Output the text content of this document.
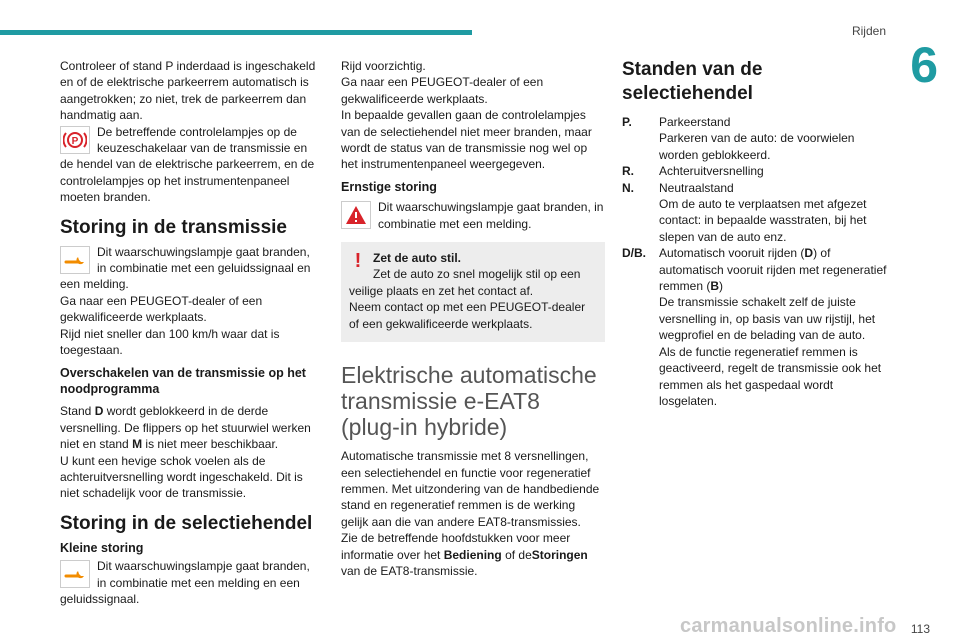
Rijden
6

Controleer of stand P inderdaad is ingeschakeld en of de elektrische parkeerrem automatisch is aangetrokken; zo niet, trek de parkeerrem dan handmatig aan.

P

De betreffende controlelampjes op de keuzeschakelaar van de transmissie en de hendel van de elektrische parkeerrem, en de controlelampjes op het instrumentenpaneel moeten branden.

Storing in de transmissie

Dit waarschuwingslampje gaat branden, in combinatie met een geluidssignaal en een melding.

Ga naar een PEUGEOT-dealer of een gekwalificeerde werkplaats.

Rijd niet sneller dan 100 km/h waar dat is toegestaan.

Overschakelen van de transmissie op het noodprogramma

Stand D wordt geblokkeerd in de derde versnelling. De flippers op het stuurwiel werken niet en stand M is niet meer beschikbaar.

U kunt een hevige schok voelen als de achteruitversnelling wordt ingeschakeld. Dit is niet schadelijk voor de transmissie.

Storing in de selectiehendel
Kleine storing

Dit waarschuwingslampje gaat branden, in combinatie met een melding en een geluidssignaal.

Rijd voorzichtig.

Ga naar een PEUGEOT-dealer of een gekwalificeerde werkplaats.

In bepaalde gevallen gaan de controlelampjes van de selectiehendel niet meer branden, maar wordt de status van de transmissie nog wel op het instrumentenpaneel weergegeven.

Ernstige storing

Dit waarschuwingslampje gaat branden, in combinatie met een melding.

! Zet de auto stil.

Zet de auto zo snel mogelijk stil op een veilige plaats en zet het contact af.

Neem contact op met een PEUGEOT-dealer of een gekwalificeerde werkplaats.

Elektrische automatische transmissie e-EAT8 (plug-in hybride)

Automatische transmissie met 8 versnellingen, een selectiehendel en functie voor regeneratief remmen. Met uitzondering van de handbediende stand en regeneratief remmen is de werking gelijk aan die van andere EAT8-transmissies.

Zie de betreffende hoofdstukken voor meer informatie over het Bediening of deStoringen van de EAT8-transmissie.

Standen van de selectiehendel
P.	Parkeerstand

Parkeren van de auto: de voorwielen worden geblokkeerd.

R.	Achteruitversnelling

N.	Neutraalstand

Om de auto te verplaatsen met afgezet contact: in bepaalde wasstraten, bij het slepen van de auto enz.

D/B.	Automatisch vooruit rijden (D) of automatisch vooruit rijden met regeneratief remmen (B)

De transmissie schakelt zelf de juiste versnelling in, op basis van uw rijstijl, het wegprofiel en de belading van de auto.

Als de functie regeneratief remmen is geactiveerd, regelt de transmissie ook het remmen als het gaspedaal wordt losgelaten.

carmanualsonline.info 113
